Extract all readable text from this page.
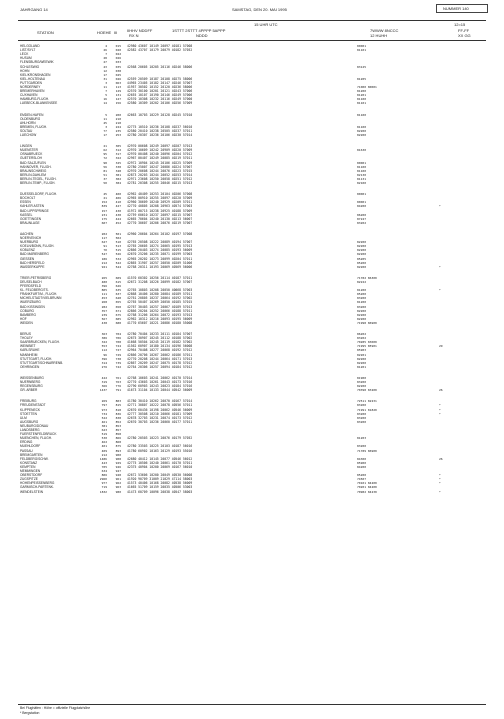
JAHRGANG 14	SAMSTAG, DEN 20. MAI 1995	NUMMER 140
15 UHR UTC	12=15
STATION	HOEHE III IIHHV NDDFF
RX N
1STTT 2STTT 4PPPP 5APPP
NDDD
7WWW 8NCCC
12 HUHH
FF-FF
XX GG
HELGOLAND	4	015 42980 43607 10149 20097 40181 57008	80001
LIST/SYLT	26	020 42582 43707 10179 20079 40182 57052	81101
LECK	7	022
HUSUM	28	026
FLENSBURG/WEEWIK	27	033
SCHLESWIG	43	035 42568 20605 10205 20116 40246 58006	83125
HOHN	12	038
KIEL/KRONSHAGEN	17	045
KIEL-HOLTENAU	31	046 42559 20509 10187 20108 40275 58006	81205
PUTTGARDEN	3	063 44965 23405 10182 20147 40246 57007
NORDERNEY	11	113 41957 30502 10152 20120 40236 58006	71000 80001
BREMERHAVEN	7	129 42570 30100 10201 20121 40243 57006	81200
CUXHAVEN	5	131 42655 10107 10190 20146 40249 57006	81201
HAMBURG-FLUGH.	16	147 42570 10308 10232 20116 40249 57000	81100
LUEBECK-BLANKENSEE	14	156 42580 10309 10202 20106 40256 57009	81101
EMDEN-HAFEN	5	200 42663 10703 10229 20128 40245 57010	81100
OLDENBURG	11	210
AHLHORN	45	218
BREMEN, FLUGH.	3	224 42775 10510 10236 20108 40237 56010	81100
SOLTAU	77	235 42580 20410 10238 20505 40237 57011	82200
LUECHOW	17	253 42780 20307 10236 20106 40230 57014	82200
LINGEN	21	305 42970 00608 10249 20097 40207 57013
MUENSTER	62	312 42970 10609 10242 20909 40220 57009	81630
OSNABRUECK	95	317 42970 00408 10240 20096 40204 57012
GUETERSLOH	72	322 42967 00407 10249 20085 40219 57011
BAD SALZUFLEN	98	325 42972 10904 10245 20106 40225 57009	80001
HANNOVER, FLUGH.	56	338 42780 25007 10247 20086 40224 57007	81100
BRAUNSCHWEIG	81	348 42970 20608 10244 20076 40223 57015	81100
BERLIN-DAHLEM	51	381 42873 20203 10244 20052 40253 57014	82130
BERLIN-TEGEL, FLUGH.	37	382 42971 23608 10250 20058 40251 57012	81131
BERLIN-TEMP., FLUGH.	50	384 42781 20308 10255 20046 40215 57013	82100
DUESSELDORF, FLUGH.	45	400 42962 40409 10253 20104 40206 57008	80001
BOCHOLT	21	406 42965 00910 10255 20097 40220 57009
ESSEN	152	410 42960 30609 10240 20929 40209 57011	80001
KAHLER ASTEN	839	427 42770 40805 10208 20963 40574 57003	84200	*
BAD LIPPSPRINGE	157	430 41972 00715 10238 20925 40188 57009
KASSEL	231	438 42759 60610 10237 20097 40215 57007	86200
GOETTINGEN	175	444 42665 70604 10240 20130 40213 56007	87247
BRAUNLAGE	607	452 42770 30607 10206 20076 40219 57007	83202
AACHEN	202	501 42960 20604 10264 20102 40197 57008
NOERVENICH	117	502
NUERBURG	627	510 42765 20508 10222 20089 40194 57007	82200
KOELN/BONN, FLUGH.	91	513 42765 20605 10274 20065 40195 57013	82200
KOBLENZ	70	515 42866 20403 10274 20085 40193 56009	82200
BAD MARIENBERG	547	526 42670 25206 10235 20071 40199 57003	82200
GIESSEN	186	532 42965 20202 10273 20099 40204 57011	85205
BAD HERSFELD	212	542 42865 31907 10257 20050 40209 51006	85200
WASSERKUPPE	921	544 42768 20311 10193 20069 40569 56006	82200	*
TRIER-PETRISBERG	265	609 41570 60302 10256 20114 40187 57011	71782 86300
DEUSELBACH	480	615 42672 31208 10226 20099 40182 57007	82222
PFERDSFELD	396	626
KL. FELDBERG/TS.	805	635 42765 10803 10208 20050 40068 57003	81200	*
FRANKFURT/M., FLUGH.	111	637 42868 10406 10280 20084 40189 57011	85200
MICHELSTADT/VIELBRUNN	453	648 42761 20805 10237 20064 40192 57002	83200
WUERZBURG	268	655 42765 50407 10269 20050 40185 57015	81200
BAD KISSINGEN	282	658 42767 30403 10257 20067 40189 57013	83200
COBURG	357	671 42866 20204 10252 20066 40188 57011	82200
BAMBERG	239	675 42768 31206 10264 20072 40193 57013	82200
HOF	567	685 42962 10312 10216 20093 40195 56009	82200
WEIDEN	438	688 41770 65607 10221 20086 40180 55008	71998 86900
BERUS	363	704 42780 70404 10233 20111 40184 57007	86202
THOLEY	386	706 42675 30907 10245 20112 40188 57002	83202
SAARBRUECKEN, FLUGH.	322	708 41668 50504 10245 20119 40182 57002	70285 83000
WEINBIET	553	724 41562 60907 10180 20134 40196 56008	71995 85901	29
KARLSRUHE	112	727 42964 70408 10277 20068 40192 57012	85903
MANNHEIM	96	729 42866 20706 10267 20062 40186 57011	82201
STUTTGART, FLUGH.	396	738 42770 20208 10244 20064 40171 57013	82200
STUTTGART/SCHNARRENB.	314	739 42867 20209 10247 20075 40178 57012	82200
OEHRINGEN	276	742 42764 20306 10257 20094 40184 57012	81201
WEISSENBURG	422	761 42768 10603 10241 20062 40170 57014	81900
NUERNBERG	319	763 42770 43603 10261 20043 40173 57016	83200
REGENSBURG	366	776 42790 60903 10243 20023 40184 57016	82200
GR. ARBER	1437	791 41673 31104 10133 20044 40542 56009	70398 83200	26
FREIBURG	269	803 41780 30410 10262 20070 40167 57014	72511 82231
FREUDENSTADT	797	815 42771 30807 10222 20078 40556 57011	83200	*
KLIPPENECK	973	818 42670 60436 10198 20062 40546 56009	71991 81820	*
STOETTEN	734	836 42777 30508 10210 20066 40181 57009	83200	*
ULM	522	838 42678 32703 10231 20074 40173 57012	83200
AUGSBURG	461	852 42670 30703 10236 20060 40177 57011	83200
NEUBURG/DONAU	381	853
LANDSBERG	623	857
FUERSTENFELDBRUCK	519	858
MUENCHEN, FLUGH.	530	866 42780 20503 10223 20076 40179 57052	81203
ERDING	462	868
MUEHLDORF	401	875 42780 33503 10225 20103 40187 56016	83200
PASSAU	409	893 41780 60902 10163 20129 40193 55016	71789 86900
BREMGARTEN	212	900
FELDBERG/SCHW.	1486	908 42680 40412 10145 20077 40546 56012	84300	26
KONSTANZ	443	929 42775 10506 10240 20061 40170 57011	85900
KEMPTEN	705	946 42375 40904 10200 20069 40167 56010	84200
MEMMINGEN	634	947
OBERSTDORF	806	948 42672 53606 10200 20049 40530 56008	85200	*
ZUGSPITZE	2960	961 41920 90709 31009 21029 47114 58003	74507	*
HOHENPEISSENBERG	977	962 41573 40406 10168 20082 40538 56009	70101 84200	*
GARMISCH-PARTENK.	719	963 41665 51709 10159 20035 40506 53003	70201 84200
WENDELSTEIN	1832	980 41473 60709 10096 20038 40547 58003	70982 84230	*
Bei Flughäfen : Höhe = offizielle Flugplatzhöhe
* Bergstation
